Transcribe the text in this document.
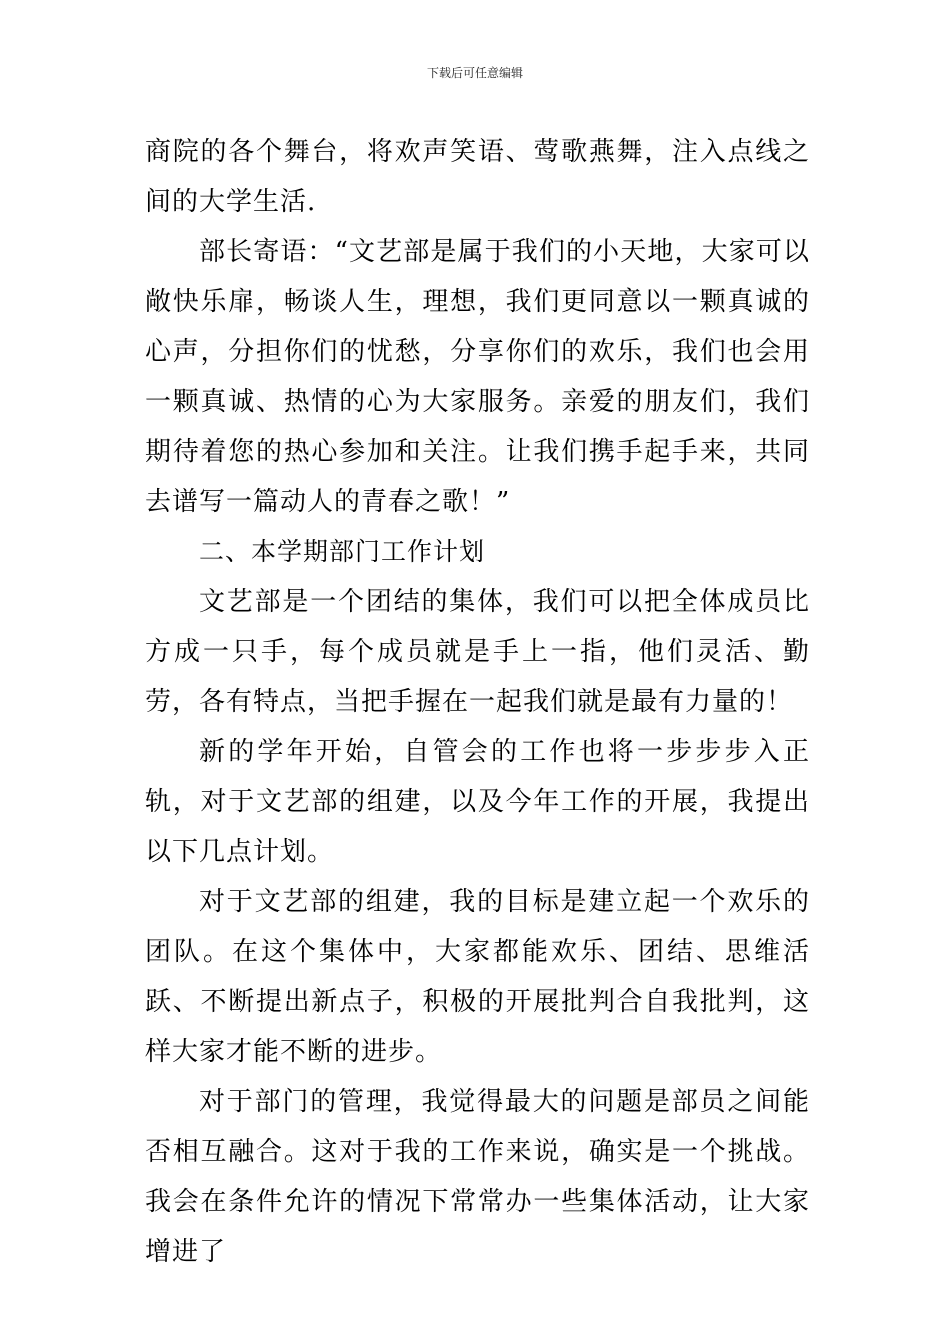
下载后可任意编辑

商院的各个舞台，将欢声笑语、莺歌燕舞，注入点线之间的大学生活.

部长寄语：“文艺部是属于我们的小天地，大家可以敞快乐扉，畅谈人生，理想，我们更同意以一颗真诚的心声，分担你们的忧愁，分享你们的欢乐，我们也会用一颗真诚、热情的心为大家服务。亲爱的朋友们，我们期待着您的热心参加和关注。让我们携手起手来，共同去谱写一篇动人的青春之歌！”

二、本学期部门工作计划

文艺部是一个团结的集体，我们可以把全体成员比方成一只手，每个成员就是手上一指，他们灵活、勤劳，各有特点，当把手握在一起我们就是最有力量的！

新的学年开始，自管会的工作也将一步步步入正轨，对于文艺部的组建，以及今年工作的开展，我提出以下几点计划。

对于文艺部的组建，我的目标是建立起一个欢乐的团队。在这个集体中，大家都能欢乐、团结、思维活跃、不断提出新点子，积极的开展批判合自我批判，这样大家才能不断的进步。

对于部门的管理，我觉得最大的问题是部员之间能否相互融合。这对于我的工作来说，确实是一个挑战。我会在条件允许的情况下常常办一些集体活动，让大家增进了
